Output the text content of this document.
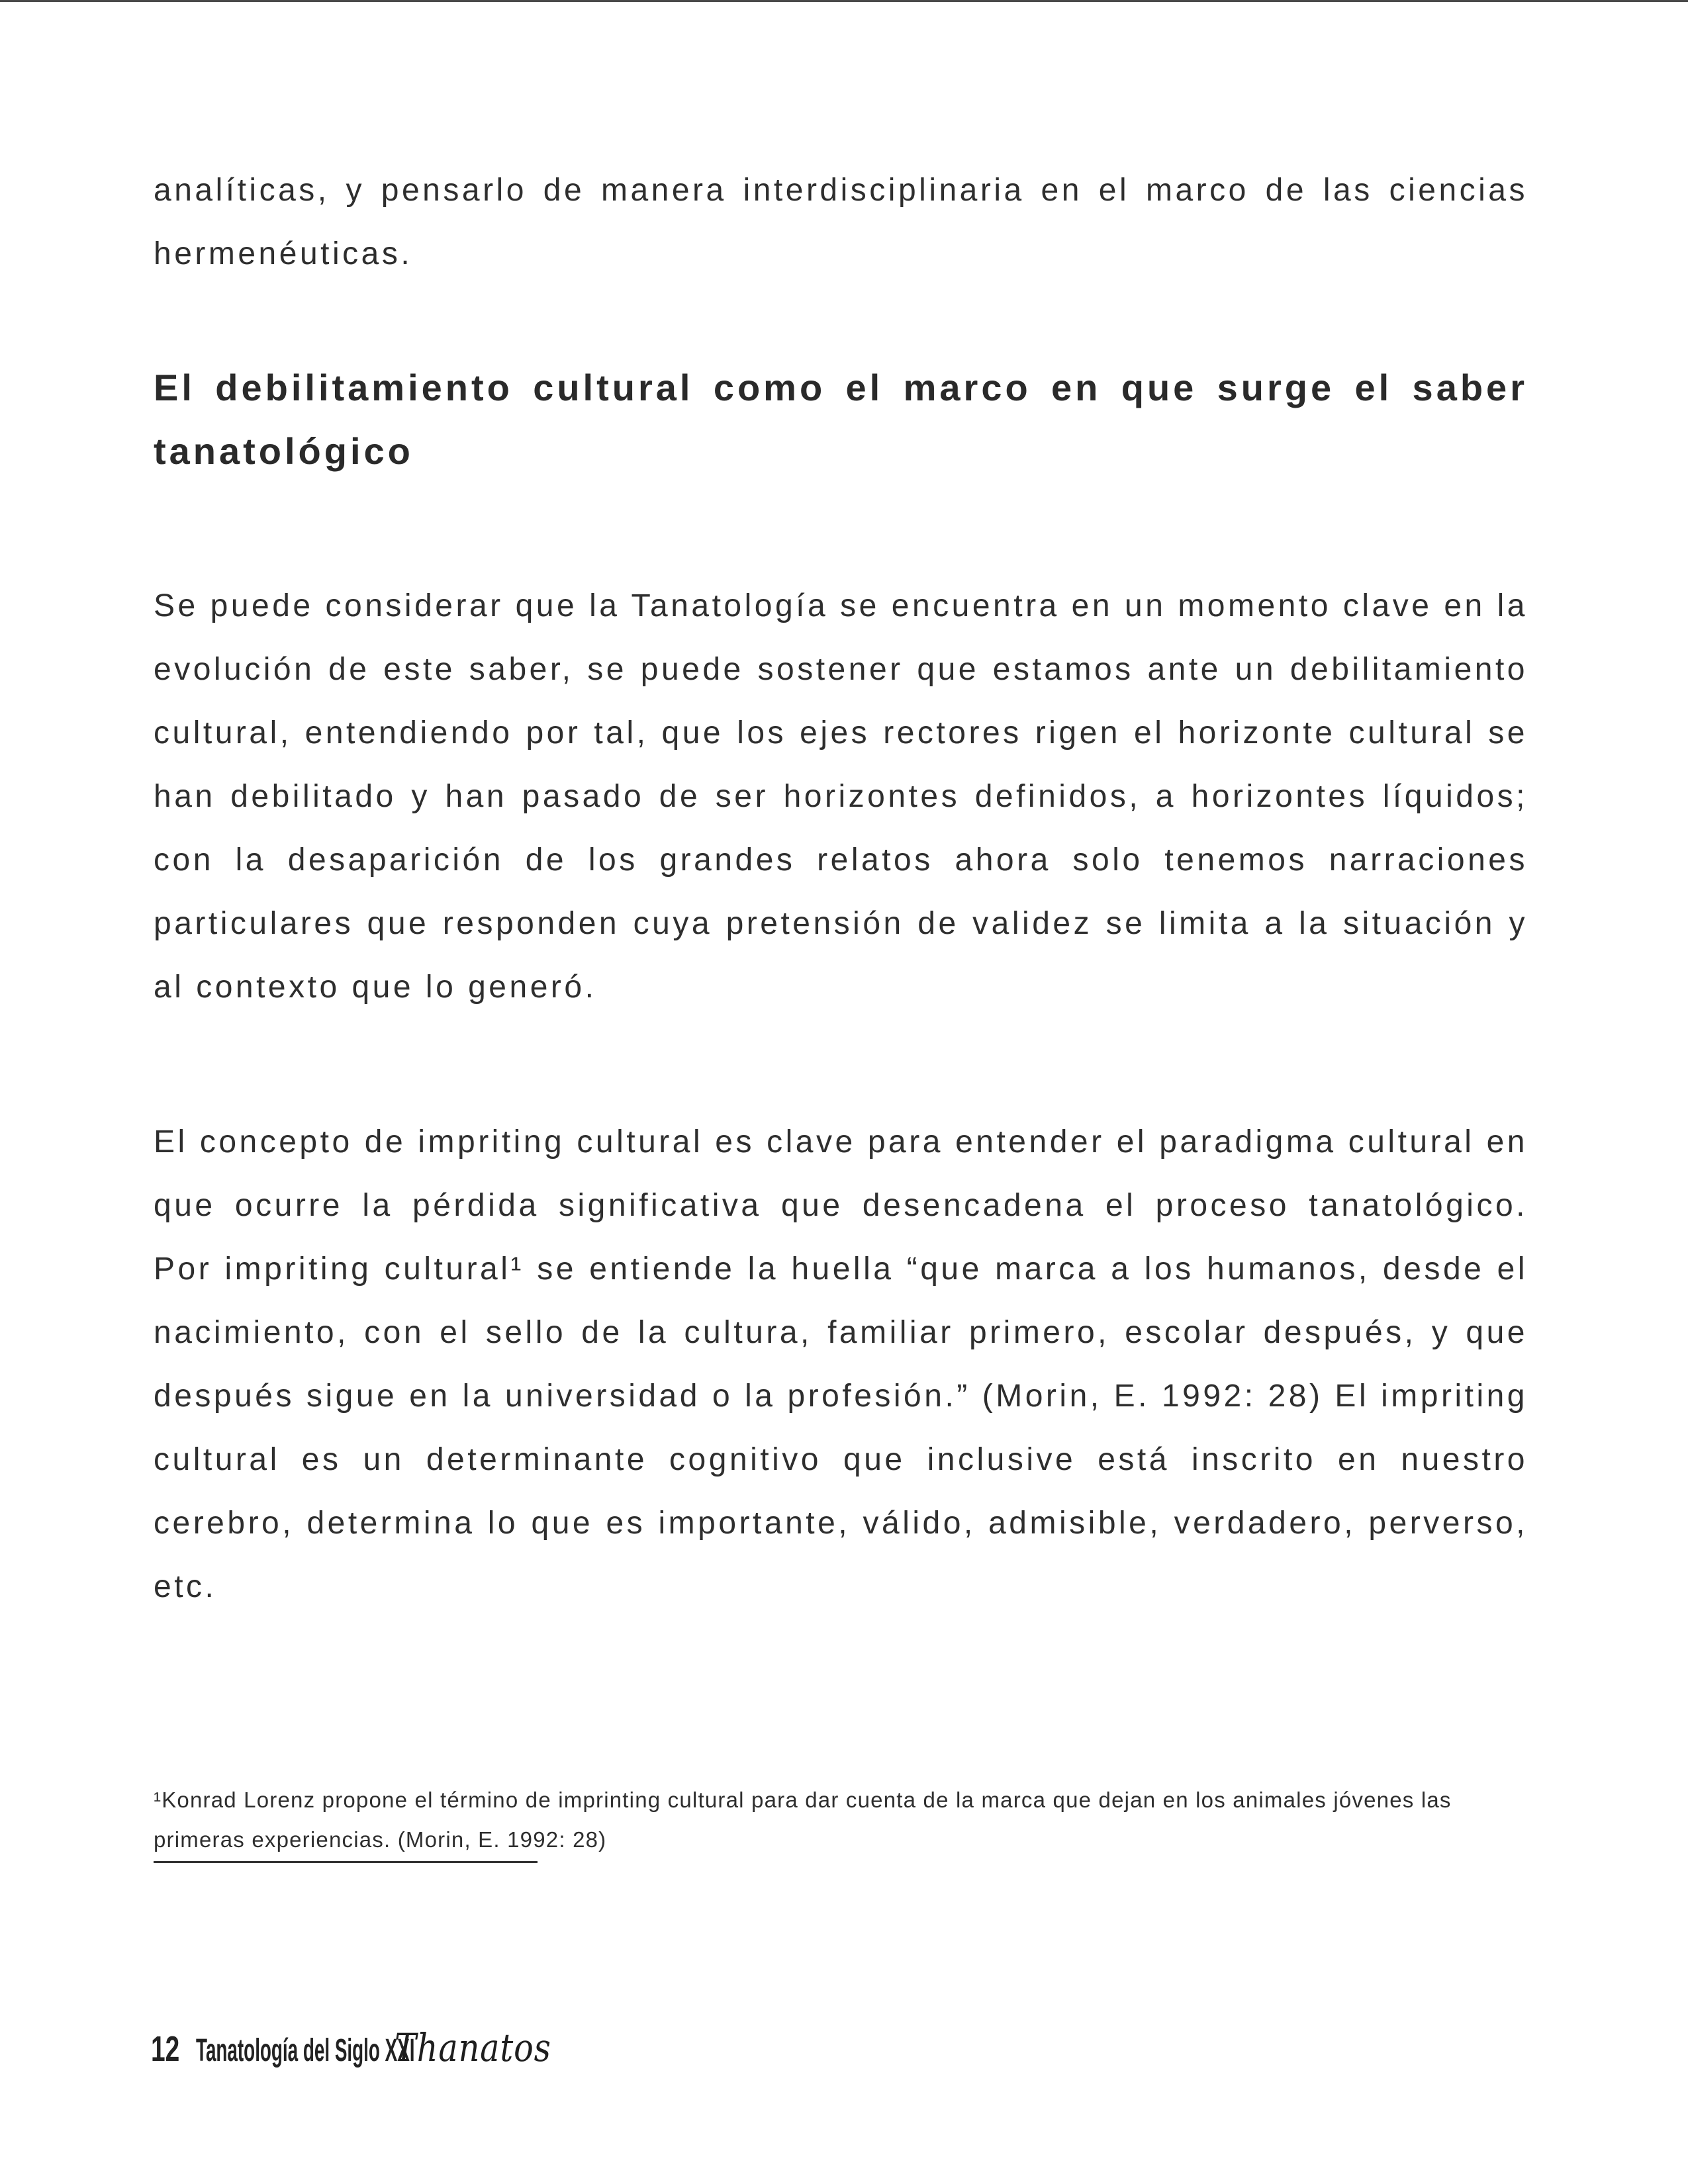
analíticas, y pensarlo de manera interdisciplinaria en el marco de las ciencias hermenéuticas.

El debilitamiento cultural como el marco en que surge el saber tanatológico

Se puede considerar que la Tanatología se encuentra en un momento clave en la evolución de este saber, se puede sostener que estamos ante un debilitamiento cultural, entendiendo por tal, que los ejes rectores rigen el horizonte cultural se han debilitado y han pasado de ser horizontes definidos, a horizontes líquidos; con la desaparición de los grandes relatos ahora solo tenemos narraciones particulares que responden cuya pretensión de validez se limita a la situación y al contexto que lo generó.

El concepto de impriting cultural es clave para entender el paradigma cultural en que ocurre la pérdida significativa que desencadena el proceso tanatológico. Por impriting cultural¹ se entiende la huella “que marca a los humanos, desde el nacimiento, con el sello de la cultura, familiar primero, escolar después, y que después sigue en la universidad o la profesión.” (Morin, E. 1992: 28) El impriting cultural es un determinante cognitivo que inclusive está inscrito en nuestro cerebro, determina lo que es importante, válido, admisible, verdadero, perverso, etc.

¹Konrad Lorenz propone el término de imprinting cultural para dar cuenta de la marca que dejan en los animales jóvenes las primeras experiencias. (Morin, E. 1992: 28)
12 Tanatología del Siglo XXI
Thanatos
